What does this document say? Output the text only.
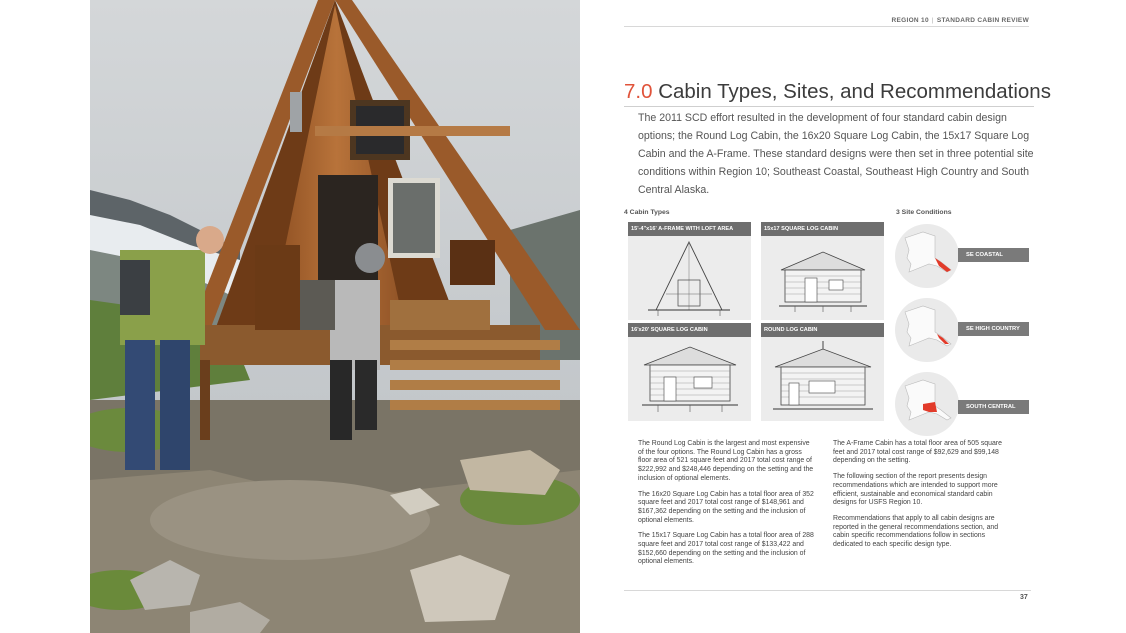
REGION 10 | STANDARD CABIN REVIEW
7.0 Cabin Types, Sites, and Recommendations
The 2011 SCD effort resulted in the development of four standard cabin design options; the Round Log Cabin, the 16x20 Square Log Cabin, the 15x17 Square Log Cabin and the A-Frame. These standard designs were then set in three potential site conditions within Region 10; Southeast Coastal, Southeast High Country and South Central Alaska.
4 Cabin Types	3 Site Conditions
15'-4"x16' A-FRAME WITH LOFT AREA	15x17 SQUARE LOG CABIN
16'x20' SQUARE LOG CABIN	ROUND LOG CABIN
SE COASTAL
SE HIGH COUNTRY
SOUTH CENTRAL

The Round Log Cabin is the largest and most expensive of the four options. The Round Log Cabin has a gross floor area of 521 square feet and 2017 total cost range of $222,992 and $248,446 depending on the setting and the inclusion of optional elements.

The 16x20 Square Log Cabin has a total floor area of 352 square feet and 2017 total cost range of $148,961 and $167,362 depending on the setting and the inclusion of optional elements.

The 15x17 Square Log Cabin has a total floor area of 288 square feet and 2017 total cost range of $133,422 and $152,660 depending on the setting and the inclusion of optional elements.

The A-Frame Cabin has a total floor area of 505 square feet and 2017 total cost range of $92,629 and $99,148 depending on the setting.

The following section of the report presents design recommendations which are intended to support more efficient, sustainable and economical standard cabin designs for USFS Region 10.

Recommendations that apply to all cabin designs are reported in the general recommendations section, and cabin specific recommendations follow in sections dedicated to each specific design type.

37
